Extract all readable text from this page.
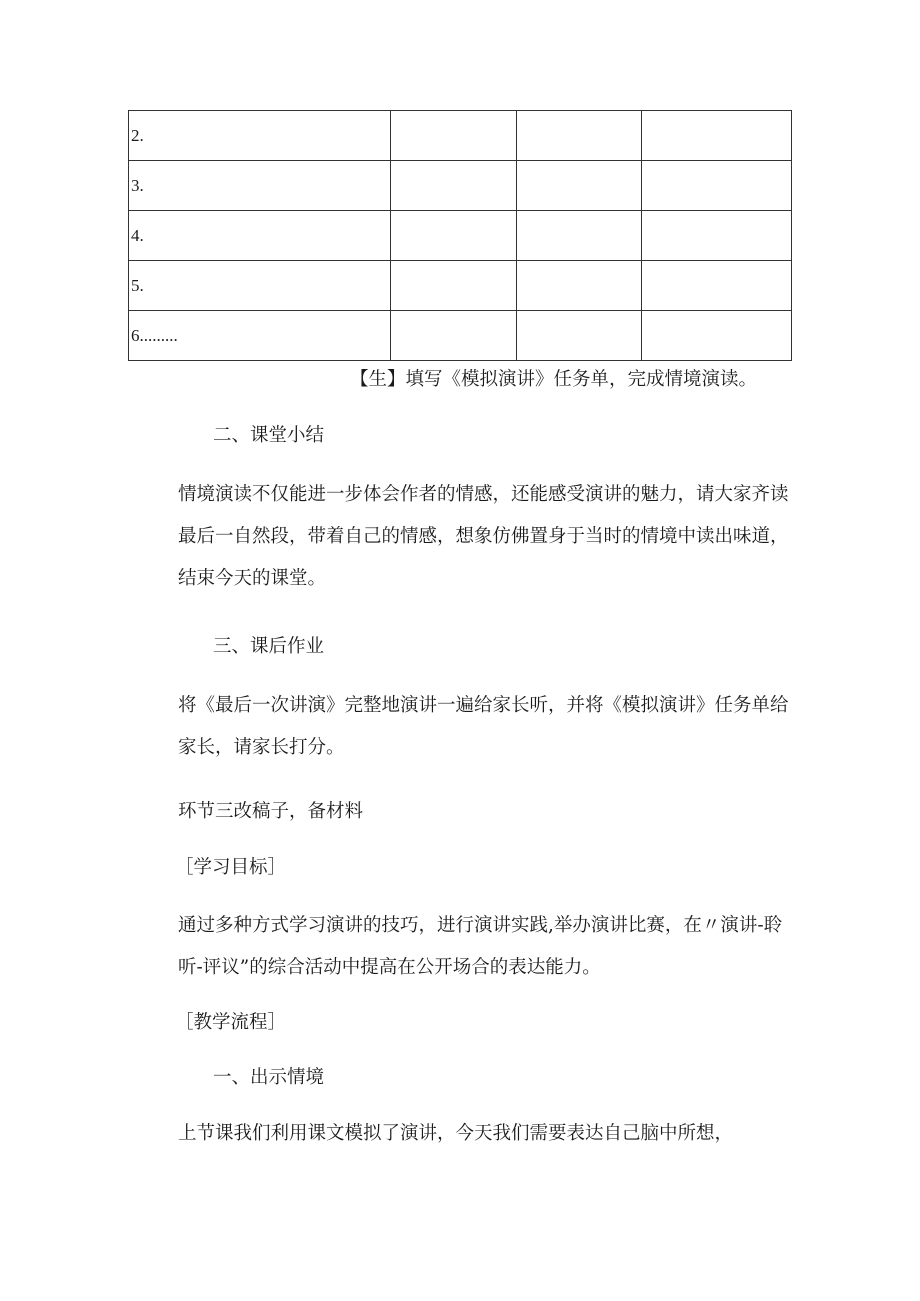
2.			
3.			
4.			
5.			
6.........			

【生】填写《模拟演讲》任务单，完成情境演读。

二、课堂小结

情境演读不仅能进一步体会作者的情感，还能感受演讲的魅力，请大家齐读最后一自然段，带着自己的情感，想象仿佛置身于当时的情境中读出味道，结束今天的课堂。

三、课后作业

将《最后一次讲演》完整地演讲一遍给家长听，并将《模拟演讲》任务单给家长，请家长打分。

环节三改稿子，备材料

［学习目标］

通过多种方式学习演讲的技巧，进行演讲实践,举办演讲比赛，在〃演讲-聆听-评议”的综合活动中提高在公开场合的表达能力。

［教学流程］

一、出示情境

上节课我们利用课文模拟了演讲，今天我们需要表达自己脑中所想，
